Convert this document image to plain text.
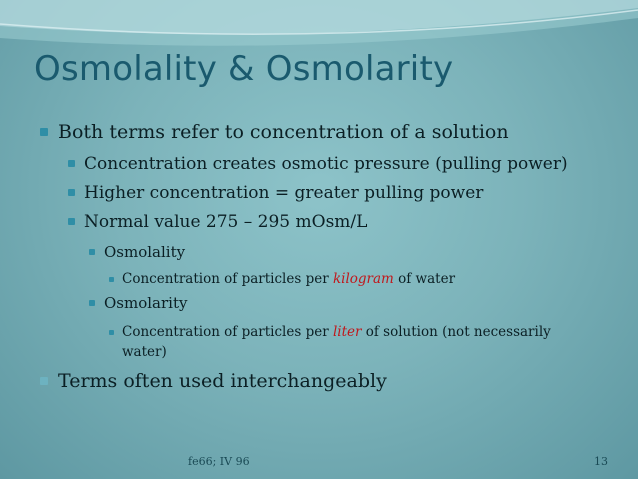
Osmolality & Osmolarity
Both terms refer to concentration of a solution
Concentration creates osmotic pressure (pulling power)
Higher concentration = greater pulling power
Normal value 275 – 295 mOsm/L
Osmolality
Concentration of particles per kilogram of water
Osmolarity
Concentration of particles per liter of solution (not necessarily
water)
Terms often used interchangeably
fe66; IV 96	13
